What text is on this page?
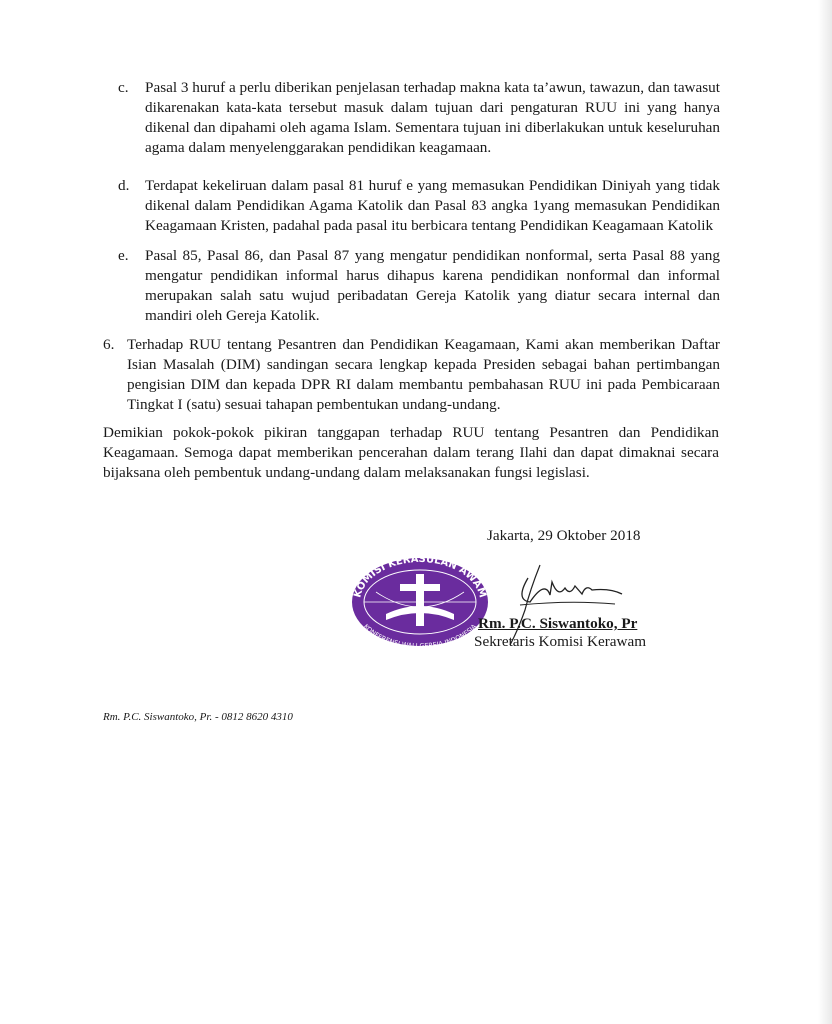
c. Pasal 3 huruf a perlu diberikan penjelasan terhadap makna kata ta’awun, tawazun, dan tawasut
dikarenakan kata-kata tersebut masuk dalam tujuan dari pengaturan RUU ini yang hanya
dikenal dan dipahami oleh agama Islam. Sementara tujuan ini diberlakukan untuk keseluruhan
agama dalam menyelenggarakan pendidikan keagamaan.
d. Terdapat kekeliruan dalam pasal 81 huruf e yang memasukan Pendidikan Diniyah yang tidak
dikenal dalam Pendidikan Agama Katolik dan Pasal 83 angka 1yang memasukan Pendidikan
Keagamaan Kristen, padahal pada pasal itu berbicara tentang Pendidikan Keagamaan Katolik
e. Pasal 85, Pasal 86, dan Pasal 87 yang mengatur pendidikan nonformal, serta Pasal 88 yang
mengatur pendidikan informal harus dihapus karena pendidikan nonformal dan informal
merupakan salah satu wujud peribadatan Gereja Katolik yang diatur secara internal dan
mandiri oleh Gereja Katolik.
6. Terhadap RUU tentang Pesantren dan Pendidikan Keagamaan, Kami akan memberikan Daftar
Isian Masalah (DIM) sandingan secara lengkap kepada Presiden sebagai bahan pertimbangan
pengisian DIM dan kepada DPR RI dalam membantu pembahasan RUU ini pada Pembicaraan
Tingkat I (satu) sesuai tahapan pembentukan undang-undang.
Demikian pokok-pokok pikiran tanggapan terhadap RUU tentang Pesantren dan Pendidikan
Keagamaan. Semoga dapat memberikan pencerahan dalam terang Ilahi dan dapat dimaknai secara
bijaksana oleh pembentuk undang-undang dalam melaksanakan fungsi legislasi.
Jakarta, 29 Oktober 2018
KOMISI KERASULAN AWAM
KONFERENSI WALI GEREJA INDONESIA Rm. P.C. Siswantoko, Pr
Sekretaris Komisi Kerawam
Rm. P.C. Siswantoko, Pr. - 0812 8620 4310
